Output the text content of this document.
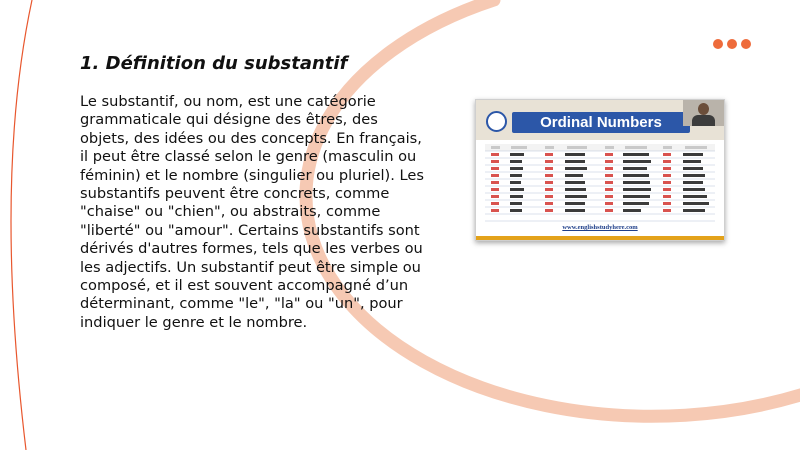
1. Définition du substantif

Le substantif, ou nom, est une catégorie grammaticale qui désigne des êtres, des objets, des idées ou des concepts. En français, il peut être classé selon le genre (masculin ou féminin) et le nombre (singulier ou pluriel). Les substantifs peuvent être concrets, comme "chaise" ou "chien", ou abstraits, comme "liberté" ou "amour". Certains substantifs sont dérivés d'autres formes, tels que les verbes ou les adjectifs. Un substantif peut être simple ou composé, et il est souvent accompagné d’un déterminant, comme "le", "la" ou "un", pour indiquer le genre et le nombre.

Ordinal Numbers
www.englishstudyhere.com
